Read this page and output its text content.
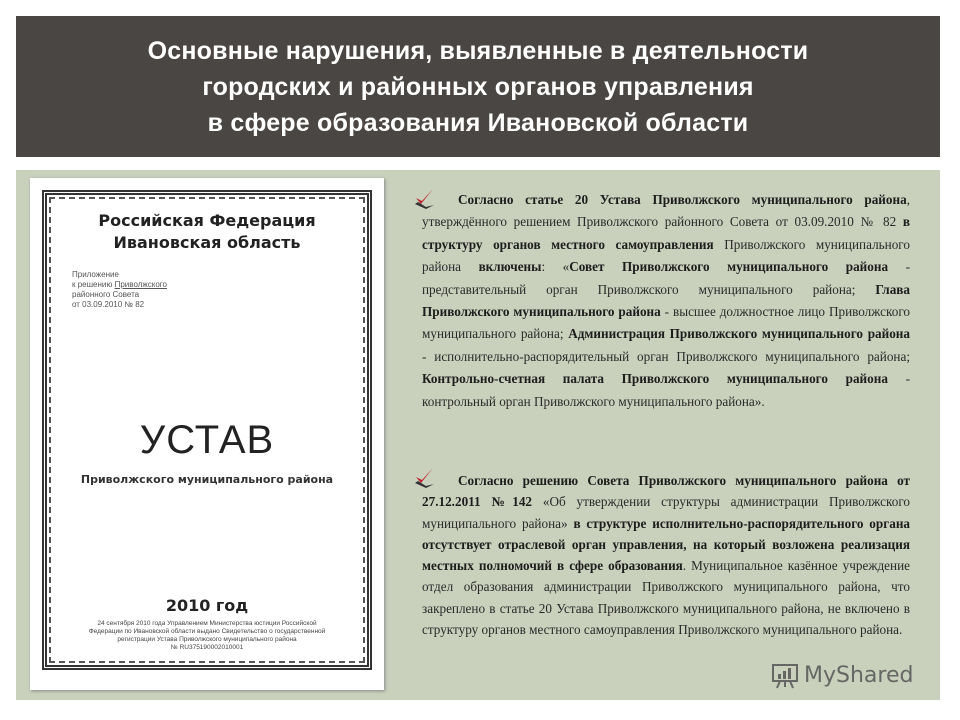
Основные нарушения, выявленные в деятельности
городских и районных органов управления
в сфере образования Ивановской области
Российская Федерация
Ивановская область
Приложение
к решению Приволжского
районного Совета
от 03.09.2010 № 82
УСТАВ
Приволжского муниципального района
2010 год
24 сентября 2010 года Управлением Министерства юстиции Российской
Федерации по Ивановской области выдано Свидетельство о государственной
регистрации Устава Приволжского муниципального района
№ RU375190002010001
Согласно статье 20 Устава Приволжского муниципального района, утверждённого решением Приволжского районного Совета от 03.09.2010 № 82 в структуру органов местного самоуправления Приволжского муниципального района включены: «Совет Приволжского муниципального района - представительный орган Приволжского муниципального района; Глава Приволжского муниципального района - высшее должностное лицо Приволжского муниципального района; Администрация Приволжского муниципального района - исполнительно-распорядительный орган Приволжского муниципального района; Контрольно-счетная палата Приволжского муниципального района - контрольный орган Приволжского муниципального района».
Согласно решению Совета Приволжского муниципального района от 27.12.2011 №142 «Об утверждении структуры администрации Приволжского муниципального района» в структуре исполнительно-распорядительного органа отсутствует отраслевой орган управления, на который возложена реализация местных полномочий в сфере образования. Муниципальное казённое учреждение отдел образования администрации Приволжского муниципального района, что закреплено в статье 20 Устава Приволжского муниципального района, не включено в структуру органов местного самоуправления Приволжского муниципального района.
MyShared
